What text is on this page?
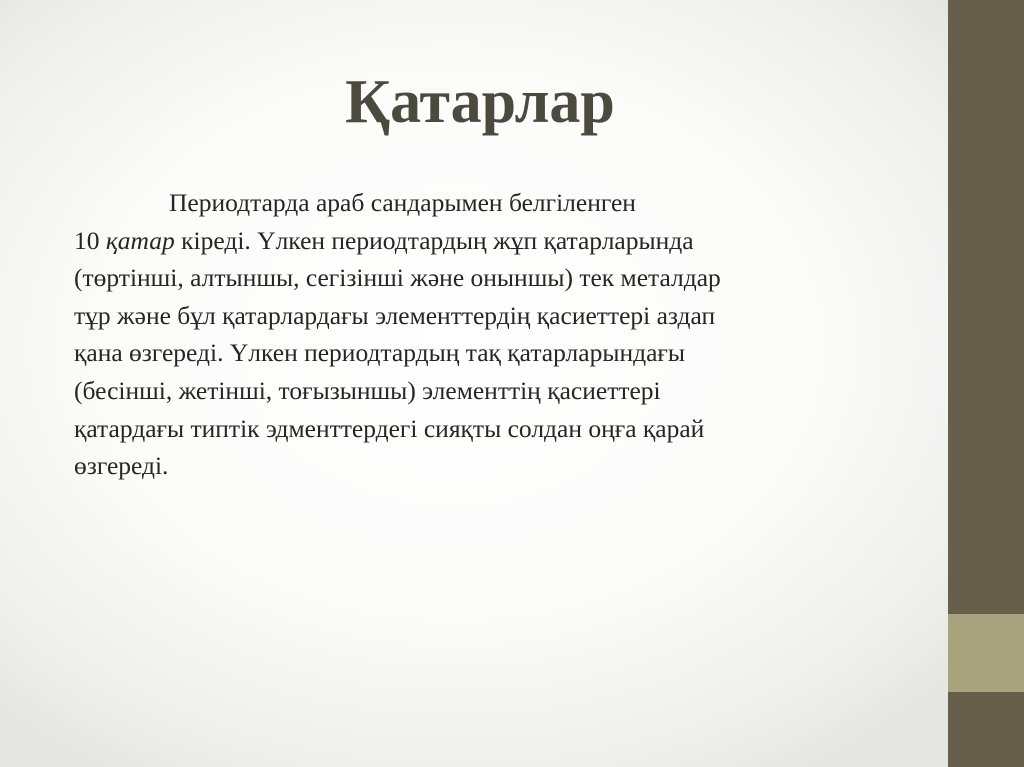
Қатарлар

Периодтарда араб сандарымен белгіленген
10 қатар кіреді. Үлкен периодтардың жұп қатарларында
(төртінші, алтыншы, сегізінші және оныншы) тек металдар
тұр және бұл қатарлардағы элементтердің қасиеттері аздап
қана өзгереді. Үлкен периодтардың тақ қатарларындағы
(бесінші, жетінші, тоғызыншы) элементтің қасиеттері
қатардағы типтік эдменттердегі сияқты солдан оңға қарай
өзгереді.
